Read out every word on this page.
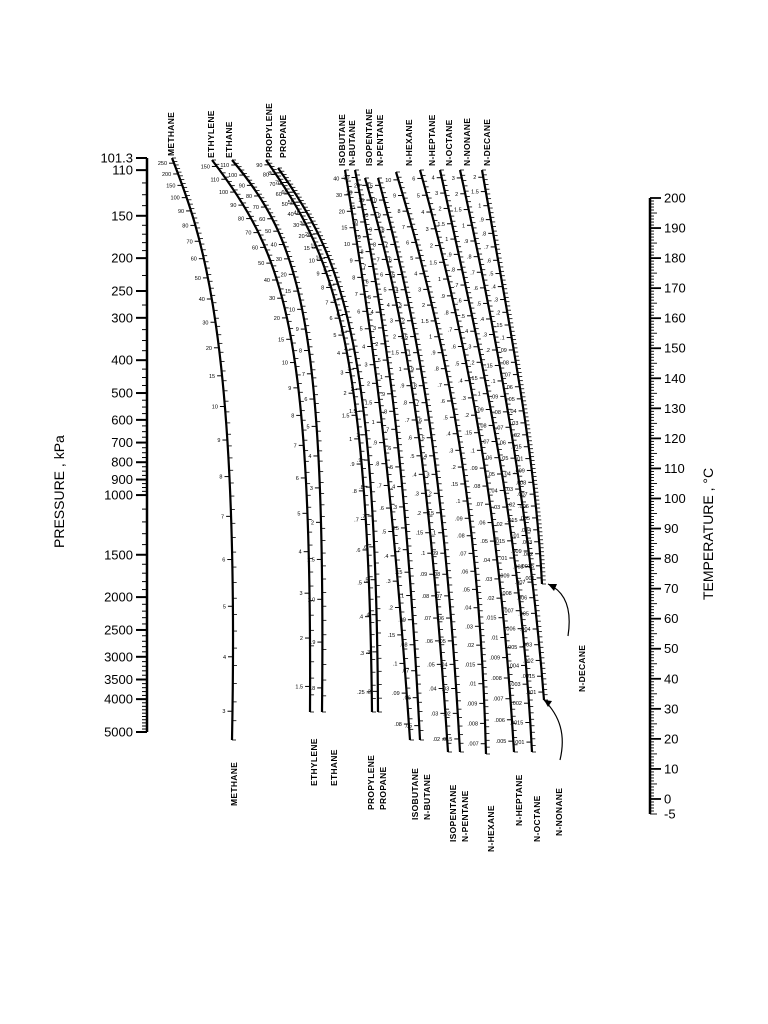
101.3
110
150
200
250
300
400
500
600
700
800
900
1000
1500
2000
2500
3000
3500
4000
5000
200
190
180
170
160
150
140
130
120
110
100
90
80
70
60
50
40
30
20
10
0
-5
250
200
150
100
90
80
70
60
50
40
30
20
15
10
9
8
7
6
5
4
3
150
110
100
90
80
70
60
50
40
30
20
15
10
9
8
7
6
5
4
3
2
1.5
110
100
90
80
70
60
50
40
30
20
15
10
9
8
7
6
5
4
3
2
1.5
1.0
.9
.8
90
80
70
60
50
40
30
20
15
10
9
8
7
6
5
4
3
2
1.5
1
.9
.8
.7
.6
.5
.4
.3
.25
80
70
60
50
40
30
20
15
10
9
8
7
6
5
4
3
2
1.5
1
.9
.8
.7
.6
.5
.4
.3
.2
40
30
20
15
10
9
8
7
6
5
4
3
2
1.5
1
.9
.8
.7
.6
.5
.4
.3
.2
.15
.1
.09
.08
30
20
15
10
9
8
7
6
5
4
3
2
1.5
1
.9
.8
.7
.6
.5
.4
.3
.25
.2
.15
.1
.09
.08
.07
.06
.05
20
15
10
9
8
7
6
5
4
3
2
1.5
1
.9
.8
.7
.6
.5
.4
.3
.2
.15
.1
.09
.08
.07
.06
.05
.04
.03
.02
15
10
9
8
7
6
5
4
3
2
1.5
1
.9
.8
.7
.6
.5
.4
.3
.2
.15
.1
.09
.08
.07
.06
.05
.04
.03
.02
.015
10
9
8
7
6
5
4
3
2
1.5
1
.9
.8
.7
.6
.5
.4
.3
.2
.15
.1
.09
.08
.07
.06
.05
.04
.03
.02
.015
.01
.009
.008
.007
6
5
4
3
2
1.5
1
.9
.8
.7
.6
.5
.4
.3
.2
.15
.1
.09
.08
.07
.06
.05
.04
.03
.02
.015
.01
.009
.008
.007
.006
.005
4
3
2
1.5
1
.9
.8
.7
.6
.5
.4
.3
.2
.15
.1
.09
.08
.07
.06
.05
.04
.03
.02
.015
.01
.009
.008
.007
.006
.005
.004
.003
.002
.0015
.001
3
2
1.5
1
.9
.8
.7
.6
.5
.4
.3
.2
.15
.1
.09
.08
.07
.06
.05
.04
.03
.02
.015
.01
.009
.008
.007
.006
.005
.004
.003
.002
.0015
.001
2
1.5
1
.9
.8
.7
.6
.5
.4
.3
.2
.15
.1
.09
.08
.07
.06
.05
.04
.03
.02
.015
.01
.009
.008
.007
.006
.005
.004
.003
.002
.0015
.001
METHANE	ETHYLENE ETHANE	PROPYLENE PROPANE	ISOBUTANE N-BUTANE ISOPENTANE N-PENTANE N-HEXANE N-HEPTANE N-OCTANE N-NONANE N-DECANE
METHANE	ETHYLENE ETHANE	PROPYLENE PROPANE	ISOBUTANE N-BUTANE ISOPENTANE N-PENTANE N-HEXANE
N-HEPTANE N-OCTANE N-NONANE
N-DECANE
PRESSURE , kPa	TEMPERATURE , °C
